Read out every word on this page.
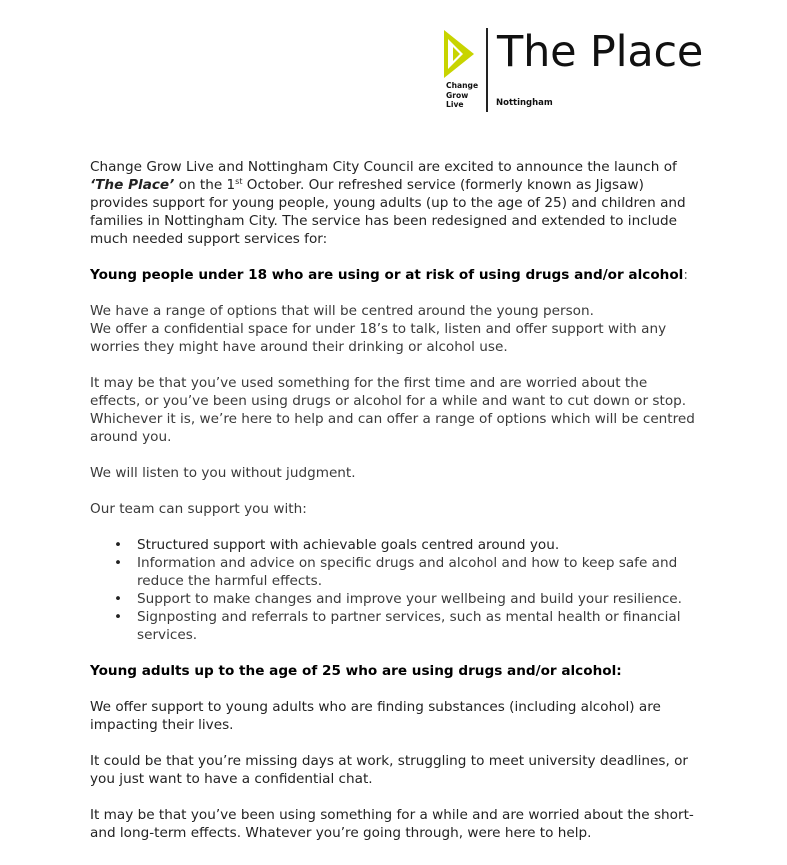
Change
Grow
Live
The Place
Nottingham

Change Grow Live and Nottingham City Council are excited to announce the launch of ‘The Place’ on the 1st October. Our refreshed service (formerly known as Jigsaw) provides support for young people, young adults (up to the age of 25) and children and families in Nottingham City. The service has been redesigned and extended to include much needed support services for:

Young people under 18 who are using or at risk of using drugs and/or alcohol:

We have a range of options that will be centred around the young person.

We offer a confidential space for under 18’s to talk, listen and offer support with any worries they might have around their drinking or alcohol use.

It may be that you’ve used something for the first time and are worried about the effects, or you’ve been using drugs or alcohol for a while and want to cut down or stop. Whichever it is, we’re here to help and can offer a range of options which will be centred around you.

We will listen to you without judgment.

Our team can support you with:

• Structured support with achievable goals centred around you.
• Information and advice on specific drugs and alcohol and how to keep safe and reduce the harmful effects.
• Support to make changes and improve your wellbeing and build your resilience.
• Signposting and referrals to partner services, such as mental health or financial services.

Young adults up to the age of 25 who are using drugs and/or alcohol:

We offer support to young adults who are finding substances (including alcohol) are impacting their lives.

It could be that you’re missing days at work, struggling to meet university deadlines, or you just want to have a confidential chat.

It may be that you’ve been using something for a while and are worried about the short- and long-term effects. Whatever you’re going through, were here to help.
